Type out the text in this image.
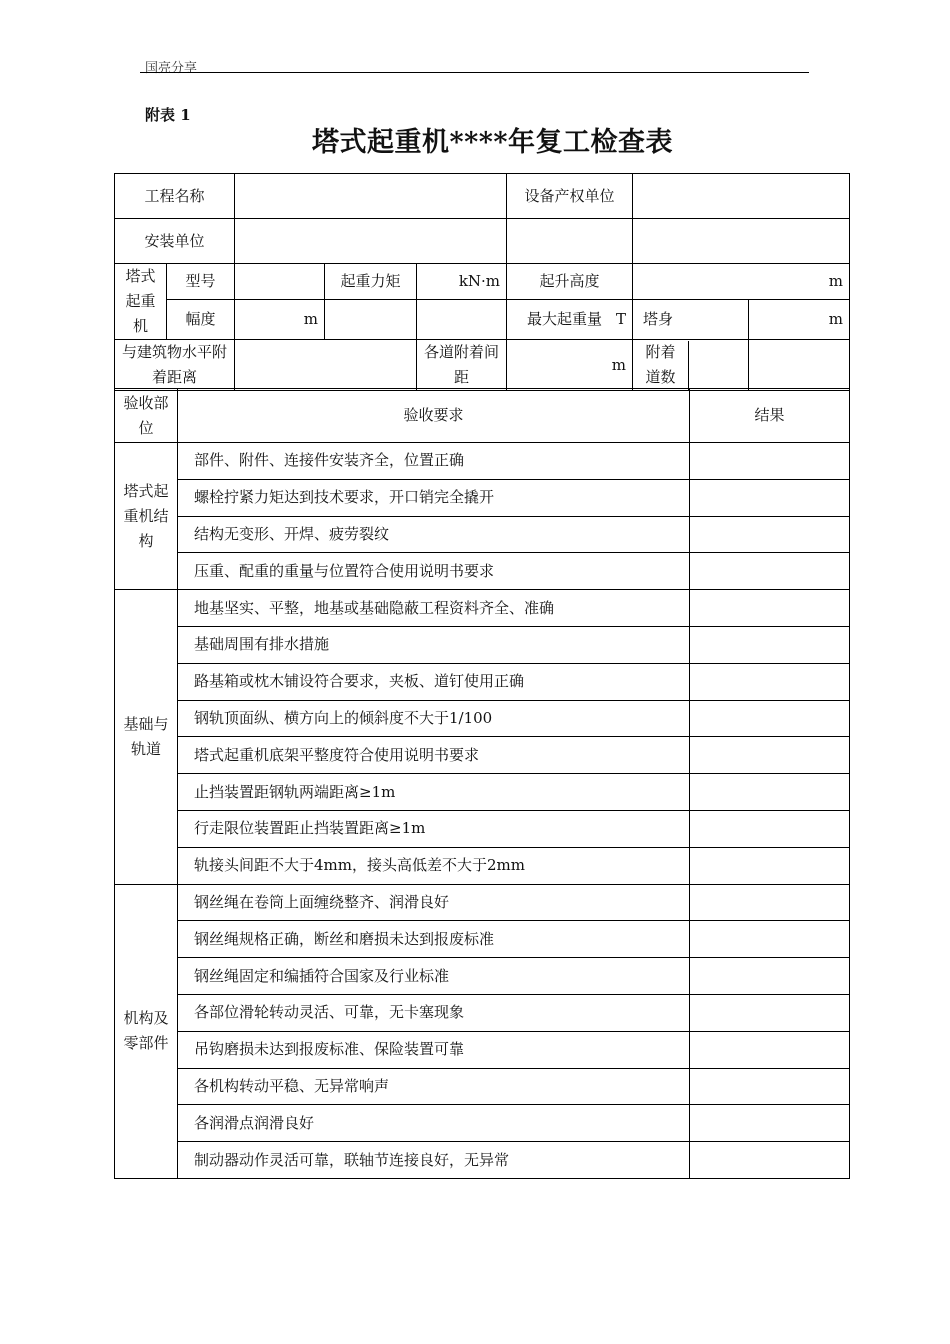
国亮分享
附表 1
塔式起重机****年复工检查表
工程名称					设备产权单位		
安装单位							
塔式起重机	型号		起重力矩	kN·m	起升高度	m	
	幅度	m			最大起重量 T	塔身	m
与建筑物水平附着距离				各道附着间距	m	附着道数	

验收部位	验收要求	结果
塔式起重机结构	部件、附件、连接件安装齐全，位置正确	
	螺栓拧紧力矩达到技术要求，开口销完全撬开	
	结构无变形、开焊、疲劳裂纹	
	压重、配重的重量与位置符合使用说明书要求	
基础与轨道	地基坚实、平整，地基或基础隐蔽工程资料齐全、准确	
	基础周围有排水措施	
	路基箱或枕木铺设符合要求，夹板、道钉使用正确	
	钢轨顶面纵、横方向上的倾斜度不大于1/100	
	塔式起重机底架平整度符合使用说明书要求	
	止挡装置距钢轨两端距离≥1m	
	行走限位装置距止挡装置距离≥1m	
	轨接头间距不大于4mm，接头高低差不大于2mm	
机构及零部件	钢丝绳在卷筒上面缠绕整齐、润滑良好	
	钢丝绳规格正确，断丝和磨损未达到报废标准	
	钢丝绳固定和编插符合国家及行业标准	
	各部位滑轮转动灵活、可靠，无卡塞现象	
	吊钩磨损未达到报废标准、保险装置可靠	
	各机构转动平稳、无异常响声	
	各润滑点润滑良好	
	制动器动作灵活可靠，联轴节连接良好，无异常	
